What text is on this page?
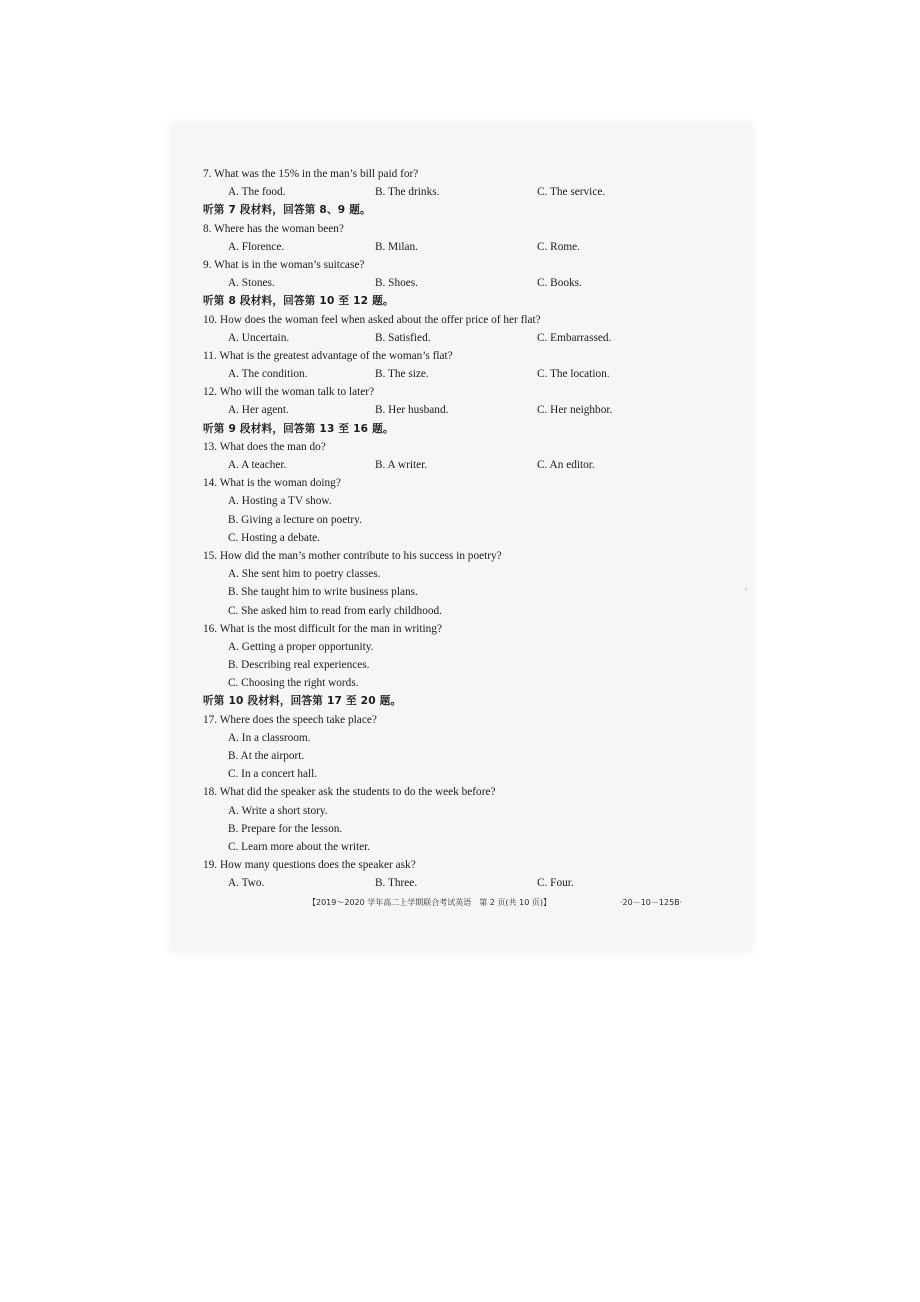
7. What was the 15% in the man’s bill paid for?
A. The food.	B. The drinks.	C. The service.
听第 7 段材料，回答第 8、9 题。
8. Where has the woman been?
A. Florence.	B. Milan.	C. Rome.
9. What is in the woman’s suitcase?
A. Stones.	B. Shoes.	C. Books.
听第 8 段材料，回答第 10 至 12 题。
10. How does the woman feel when asked about the offer price of her flat?
A. Uncertain.	B. Satisfied.	C. Embarrassed.
11. What is the greatest advantage of the woman’s flat?
A. The condition.	B. The size.	C. The location.
12. Who will the woman talk to later?
A. Her agent.	B. Her husband.	C. Her neighbor.
听第 9 段材料，回答第 13 至 16 题。
13. What does the man do?
A. A teacher.	B. A writer.	C. An editor.
14. What is the woman doing?
A. Hosting a TV show.
B. Giving a lecture on poetry.
C. Hosting a debate.
15. How did the man’s mother contribute to his success in poetry?
A. She sent him to poetry classes.
B. She taught him to write business plans.
C. She asked him to read from early childhood.
16. What is the most difficult for the man in writing?
A. Getting a proper opportunity.
B. Describing real experiences.
C. Choosing the right words.
听第 10 段材料，回答第 17 至 20 题。
17. Where does the speech take place?
A. In a classroom.
B. At the airport.
C. In a concert hall.
18. What did the speaker ask the students to do the week before?
A. Write a short story.
B. Prepare for the lesson.
C. Learn more about the writer.
19. How many questions does the speaker ask?
A. Two.	B. Three.	C. Four.
【2019～2020 学年高二上学期联合考试英语　第 2 页(共 10 页)】	·20－10－125B·
